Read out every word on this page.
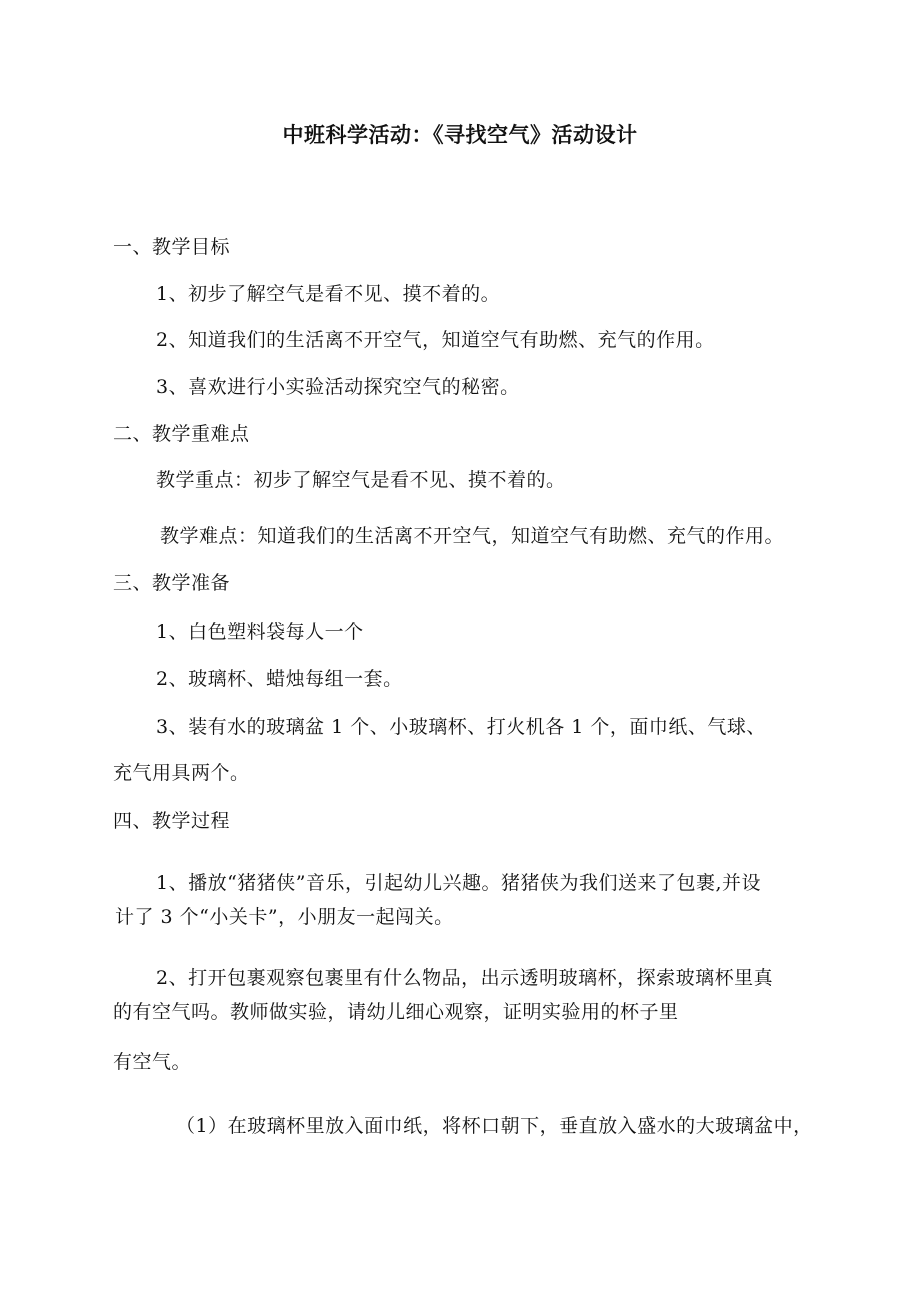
中班科学活动：《寻找空气》活动设计
一、教学目标
1、初步了解空气是看不见、摸不着的。
2、知道我们的生活离不开空气，知道空气有助燃、充气的作用。
3、喜欢进行小实验活动探究空气的秘密。
二、教学重难点
教学重点：初步了解空气是看不见、摸不着的。
教学难点：知道我们的生活离不开空气，知道空气有助燃、充气的作用。
三、教学准备
1、白色塑料袋每人一个
2、玻璃杯、蜡烛每组一套。
3、装有水的玻璃盆 1 个、小玻璃杯、打火机各 1 个，面巾纸、气球、
充气用具两个。
四、教学过程
1、播放“猪猪侠”音乐，引起幼儿兴趣。猪猪侠为我们送来了包裹,并设
计了 3 个“小关卡”，小朋友一起闯关。
2、打开包裹观察包裹里有什么物品，出示透明玻璃杯，探索玻璃杯里真
的有空气吗。教师做实验，请幼儿细心观察，证明实验用的杯子里
有空气。
（1）在玻璃杯里放入面巾纸，将杯口朝下，垂直放入盛水的大玻璃盆中，
